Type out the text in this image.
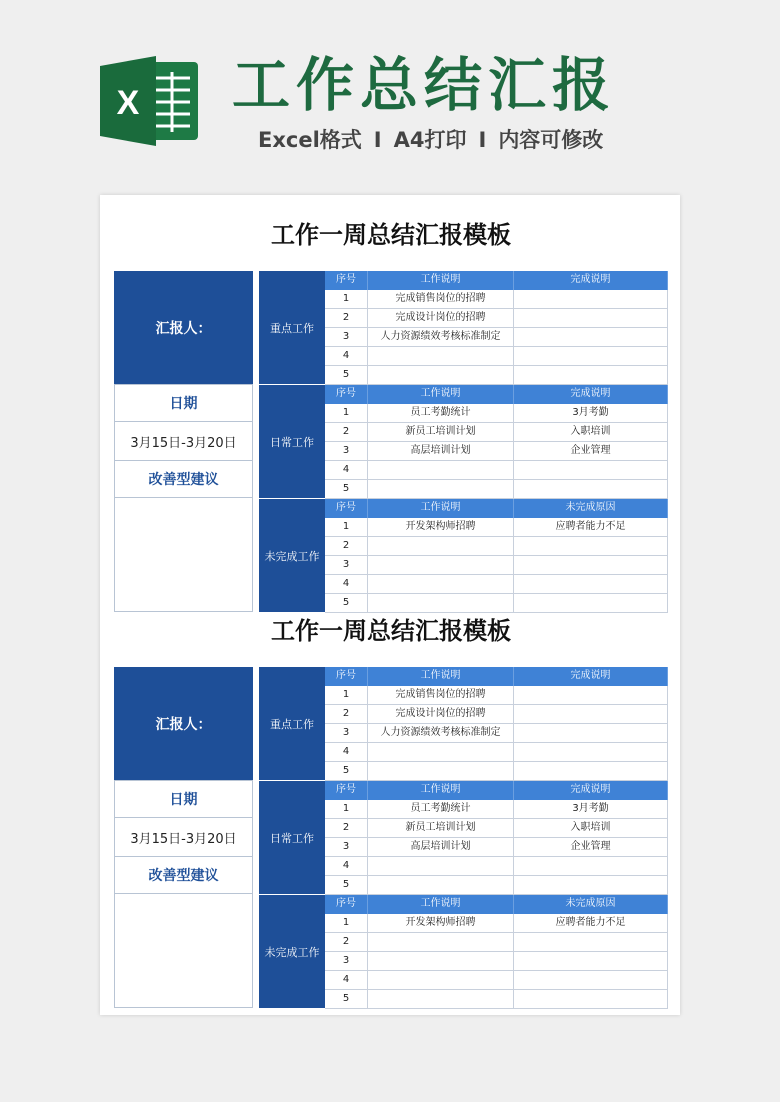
X 工作总结汇报
Excel格式 I A4打印 I 内容可修改
工作一周总结汇报模板
汇报人：
日期
3月15日-3月20日
改善型建议
重点工作
序号	工作说明	完成说明
1	完成销售岗位的招聘
2	完成设计岗位的招聘
3	人力资源绩效考核标准制定
4
5
日常工作
序号	工作说明	完成说明
1	员工考勤统计	3月考勤
2	新员工培训计划	入职培训
3	高层培训计划	企业管理
4
5
未完成工作
序号	工作说明	未完成原因
1	开发架构师招聘	应聘者能力不足
2
3
4
5
工作一周总结汇报模板
汇报人：
日期
3月15日-3月20日
改善型建议
重点工作
序号	工作说明	完成说明
1	完成销售岗位的招聘
2	完成设计岗位的招聘
3	人力资源绩效考核标准制定
4
5
日常工作
序号	工作说明	完成说明
1	员工考勤统计	3月考勤
2	新员工培训计划	入职培训
3	高层培训计划	企业管理
4
5
未完成工作
序号	工作说明	未完成原因
1	开发架构师招聘	应聘者能力不足
2
3
4
5
